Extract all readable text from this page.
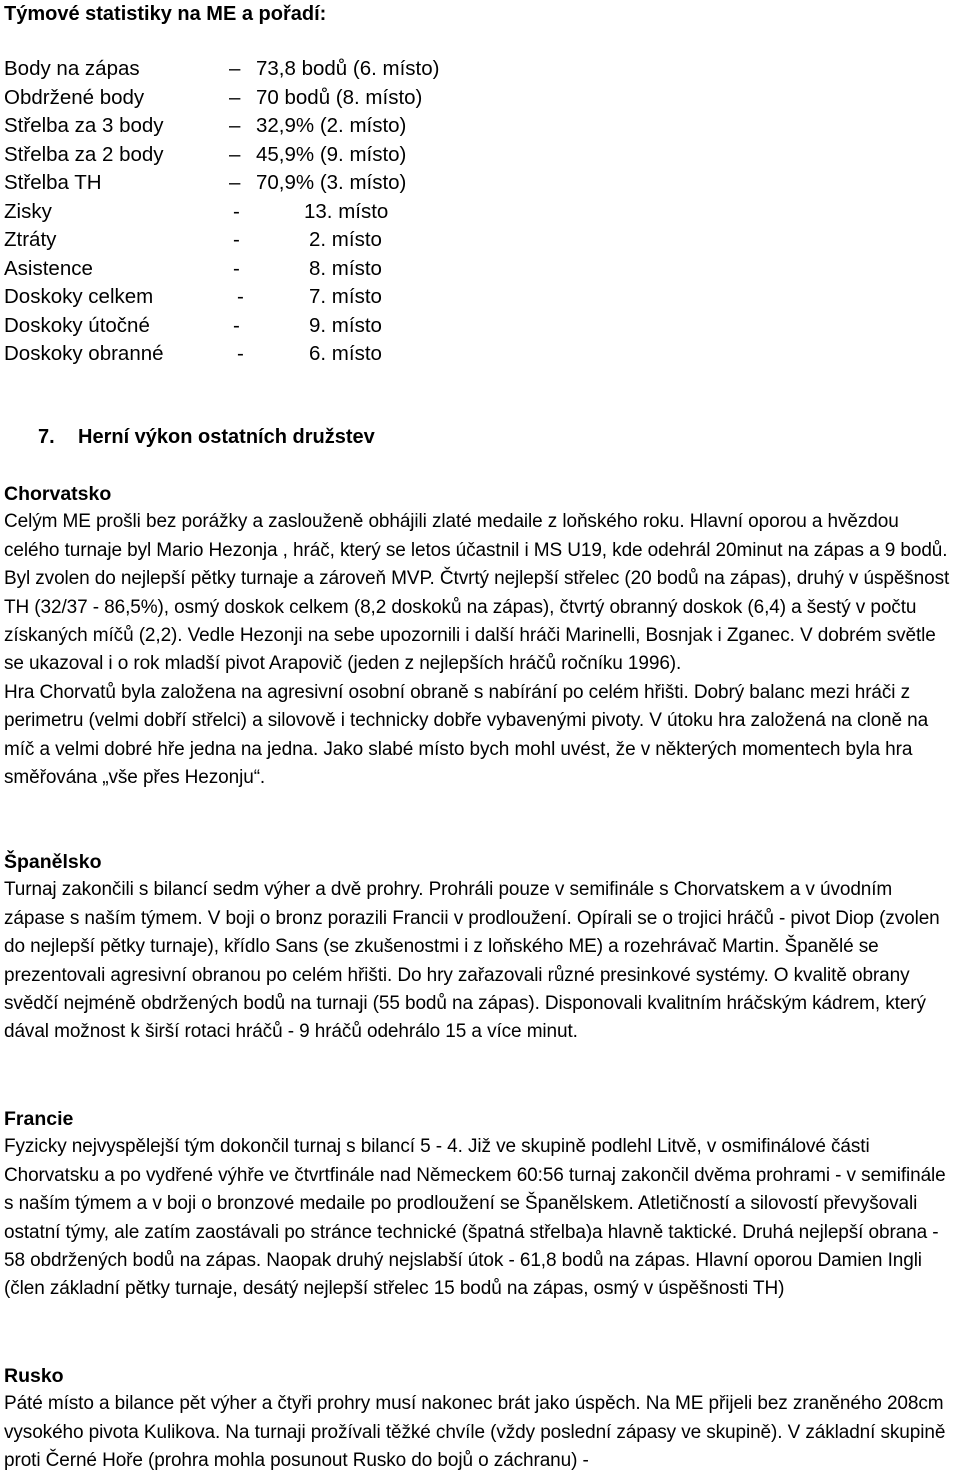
Týmové statistiky na ME a pořadí:
Body na zápas	– 73,8 bodů (6. místo)
Obdržené body	– 70 bodů (8. místo)
Střelba za 3 body	– 32,9% (2. místo)
Střelba za 2 body	– 45,9% (9. místo)
Střelba TH	– 70,9% (3. místo)
Zisky	-	13. místo
Ztráty	-	2. místo
Asistence	-	8. místo
Doskoky celkem	-	7. místo
Doskoky útočné	-	9. místo
Doskoky obranné	-	6. místo
7. Herní výkon ostatních družstev
Chorvatsko

Celým ME prošli bez porážky a zaslouženě obhájili zlaté medaile z loňského roku. Hlavní oporou a hvězdou celého turnaje byl Mario Hezonja , hráč, který se letos účastnil i MS U19, kde odehrál 20minut na zápas a 9 bodů. Byl zvolen do nejlepší pětky turnaje a zároveň MVP. Čtvrtý nejlepší střelec (20 bodů na zápas), druhý v úspěšnost TH (32/37 - 86,5%), osmý doskok celkem (8,2 doskoků na zápas), čtvrtý obranný doskok (6,4) a šestý v počtu získaných míčů (2,2). Vedle Hezonji na sebe upozornili i další hráči Marinelli, Bosnjak i Zganec. V dobrém světle se ukazoval i o rok mladší pivot Arapovič (jeden z nejlepších hráčů ročníku 1996).

Hra Chorvatů byla založena na agresivní osobní obraně s nabírání po celém hřišti. Dobrý balanc mezi hráči z perimetru (velmi dobří střelci) a silovově i technicky dobře vybavenými pivoty. V útoku hra založená na cloně na míč a velmi dobré hře jedna na jedna. Jako slabé místo bych mohl uvést, že v některých momentech byla hra směřována „vše přes Hezonju“.

Španělsko

Turnaj zakončili s bilancí sedm výher a dvě prohry. Prohráli pouze v semifinále s Chorvatskem a v úvodním zápase s naším týmem. V boji o bronz porazili Francii v prodloužení. Opírali se o trojici hráčů - pivot Diop (zvolen do nejlepší pětky turnaje), křídlo Sans (se zkušenostmi i z loňského ME) a rozehrávač Martin. Španělé se prezentovali agresivní obranou po celém hřišti. Do hry zařazovali různé presinkové systémy. O kvalitě obrany svědčí nejméně obdržených bodů na turnaji (55 bodů na zápas). Disponovali kvalitním hráčským kádrem, který dával možnost k širší rotaci hráčů - 9 hráčů odehrálo 15 a více minut.

Francie

Fyzicky nejvyspělejší tým dokončil turnaj s bilancí 5 - 4. Již ve skupině podlehl Litvě, v osmifinálové části Chorvatsku a po vydřené výhře ve čtvrtfinále nad Německem 60:56 turnaj zakončil dvěma prohrami - v semifinále s naším týmem a v boji o bronzové medaile po prodloužení se Španělskem. Atletičností a silovostí převyšovali ostatní týmy, ale zatím zaostávali po stránce technické (špatná střelba)a hlavně taktické. Druhá nejlepší obrana - 58 obdržených bodů na zápas. Naopak druhý nejslabší útok - 61,8 bodů na zápas. Hlavní oporou Damien Ingli (člen základní pětky turnaje, desátý nejlepší střelec 15 bodů na zápas, osmý v úspěšnosti TH)

Rusko

Páté místo a bilance pět výher a čtyři prohry musí nakonec brát jako úspěch. Na ME přijeli bez zraněného 208cm vysokého pivota Kulikova. Na turnaji prožívali těžké chvíle (vždy poslední zápasy ve skupině). V základní skupině proti Černé Hoře (prohra mohla posunout Rusko do bojů o záchranu) -
